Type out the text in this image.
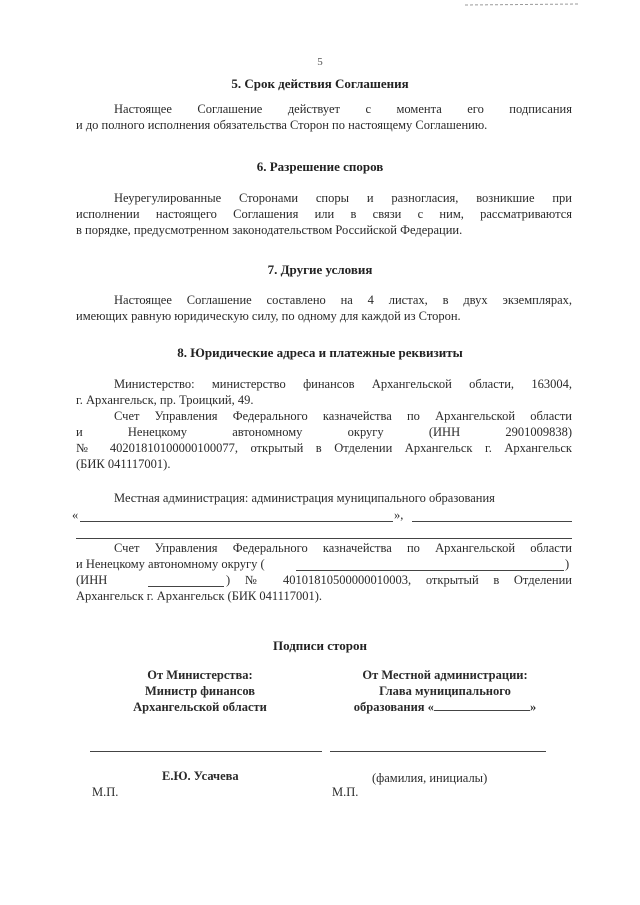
5
5. Срок действия Соглашения
Настоящее Соглашение действует с момента его подписания
и до полного исполнения обязательства Сторон по настоящему Соглашению.
6. Разрешение споров
Неурегулированные Сторонами споры и разногласия, возникшие при
исполнении настоящего Соглашения или в связи с ним, рассматриваются
в порядке, предусмотренном законодательством Российской Федерации.
7. Другие условия
Настоящее Соглашение составлено на 4 листах, в двух экземплярах,
имеющих равную юридическую силу, по одному для каждой из Сторон.
8. Юридические адреса и платежные реквизиты
Министерство: министерство финансов Архангельской области, 163004,
г. Архангельск, пр. Троицкий, 49.
Счет Управления Федерального казначейства по Архангельской области
и Ненецкому автономному округу (ИНН 2901009838)
№ 40201810100000100077, открытый в Отделении Архангельск г. Архангельск
(БИК 041117001).
Местная администрация: администрация муниципального образования
«	»,
Счет Управления Федерального казначейства по Архангельской области
и Ненецкому автономному округу (	)
(ИНН	) № 40101810500000010003, открытый в Отделении
Архангельск г. Архангельск (БИК 041117001).
Подписи сторон
От Министерства:
Министр финансов
Архангельской области
От Местной администрации:
Глава муниципального
образования «	»
Е.Ю. Усачева	(фамилия, инициалы)
М.П.	М.П.
